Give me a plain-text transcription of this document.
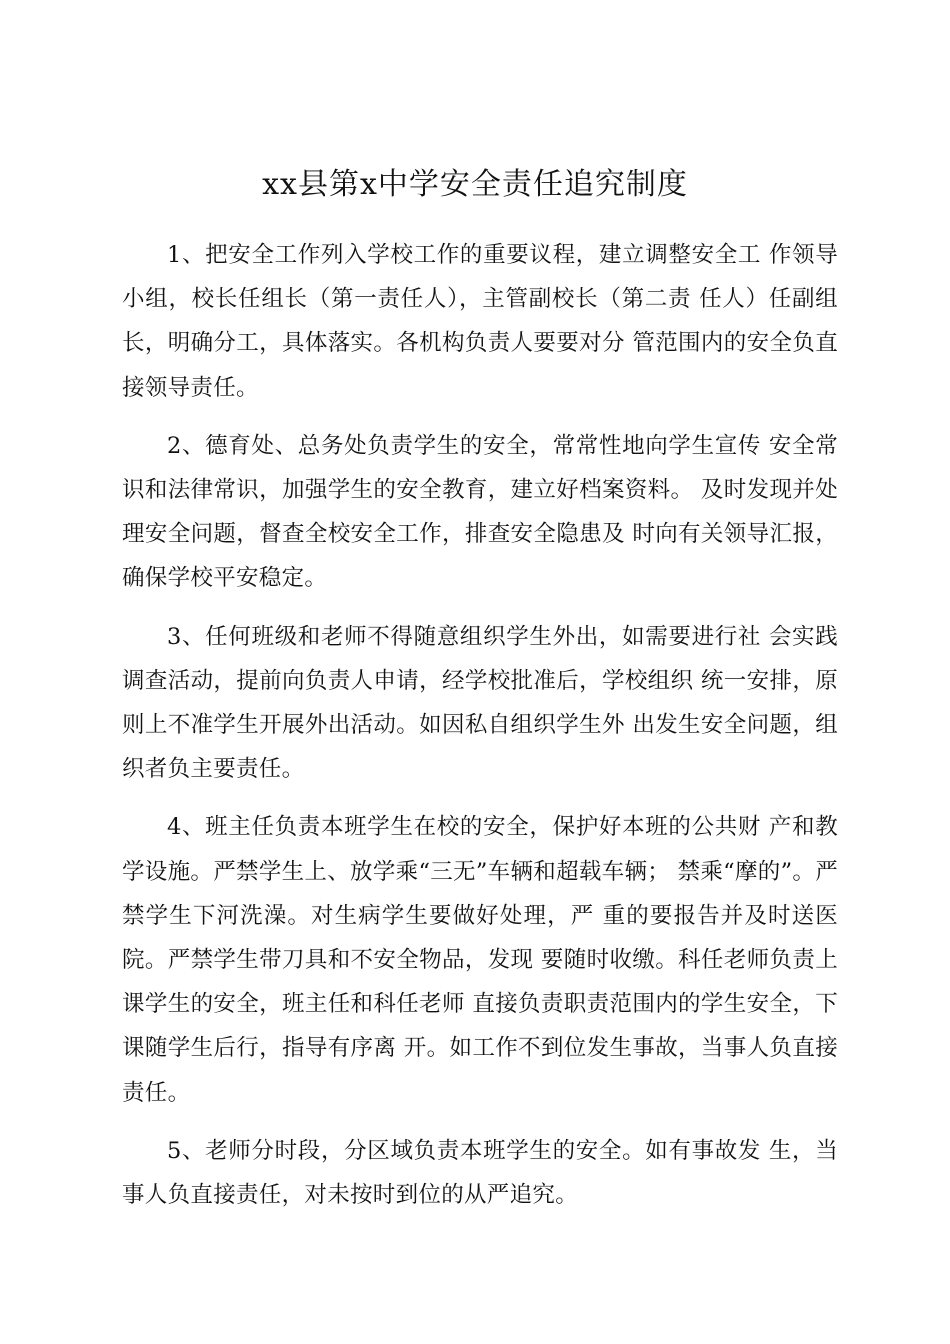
xx县第x中学安全责任追究制度

1、把安全工作列入学校工作的重要议程，建立调整安全工 作领导小组，校长任组长（第一责任人），主管副校长（第二责 任人）任副组长，明确分工，具体落实。各机构负责人要要对分 管范围内的安全负直接领导责任。

2、德育处、总务处负责学生的安全，常常性地向学生宣传 安全常识和法律常识，加强学生的安全教育，建立好档案资料。 及时发现并处理安全问题，督查全校安全工作，排查安全隐患及 时向有关领导汇报，确保学校平安稳定。

3、任何班级和老师不得随意组织学生外出，如需要进行社 会实践调查活动，提前向负责人申请，经学校批准后，学校组织 统一安排，原则上不准学生开展外出活动。如因私自组织学生外 出发生安全问题，组织者负主要责任。

4、班主任负责本班学生在校的安全，保护好本班的公共财 产和教学设施。严禁学生上、放学乘“三无”车辆和超载车辆； 禁乘“摩的”。严禁学生下河洗澡。对生病学生要做好处理，严 重的要报告并及时送医院。严禁学生带刀具和不安全物品，发现 要随时收缴。科任老师负责上课学生的安全，班主任和科任老师 直接负责职责范围内的学生安全，下课随学生后行，指导有序离 开。如工作不到位发生事故，当事人负直接责任。

5、老师分时段，分区域负责本班学生的安全。如有事故发 生，当事人负直接责任，对未按时到位的从严追究。
